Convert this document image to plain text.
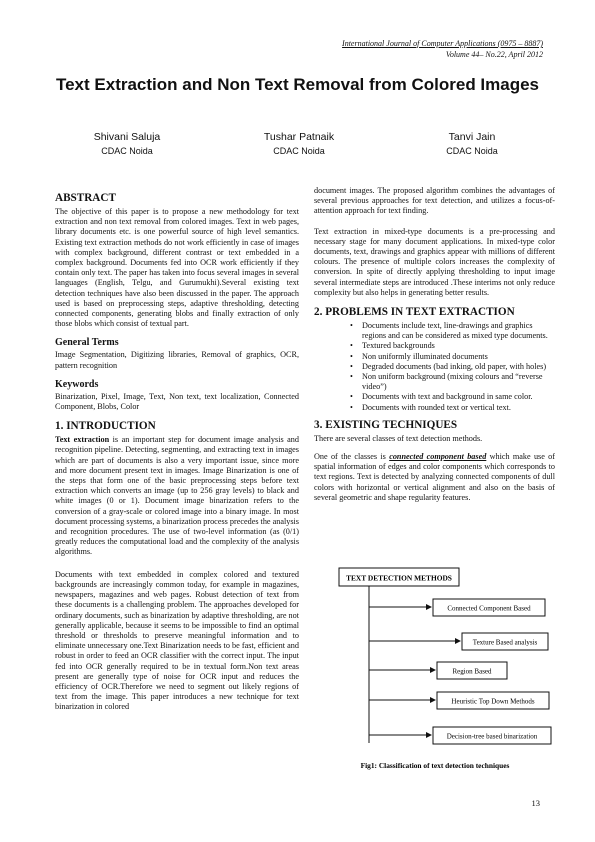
International Journal of Computer Applications (0975 – 8887)
Volume 44– No.22, April 2012
Text Extraction and Non Text Removal from Colored Images
Shivani Saluja
CDAC Noida
Tushar Patnaik
CDAC Noida
Tanvi Jain
CDAC Noida
ABSTRACT

The objective of this paper is to propose a new methodology for text extraction and non text removal from colored images. Text in web pages, library documents etc. is one powerful source of high level semantics. Existing text extraction methods do not work efficiently in case of images with complex background, different contrast or text embedded in a complex background. Documents fed into OCR work efficiently if they contain only text. The paper has taken into focus several images in several languages (English, Telgu, and Gurumukhi).Several existing text detection techniques have also been discussed in the paper. The approach used is based on preprocessing steps, adaptive thresholding, detecting connected components, generating blobs and finally extraction of only those blobs which consist of textual part.

General Terms

Image Segmentation, Digitizing libraries, Removal of graphics, OCR, pattern recognition

Keywords

Binarization, Pixel, Image, Text, Non text, text localization, Connected Component, Blobs, Color

1. INTRODUCTION

Text extraction is an important step for document image analysis and recognition pipeline. Detecting, segmenting, and extracting text in images which are part of documents is also a very important issue, since more and more document present text in images. Image Binarization is one of the steps that form one of the basic preprocessing steps before text extraction which converts an image (up to 256 gray levels) to black and white images (0 or 1). Document image binarization refers to the conversion of a gray-scale or colored image into a binary image. In most document processing systems, a binarization process precedes the analysis and recognition procedures. The use of two-level information (as (0/1) greatly reduces the computational load and the complexity of the analysis algorithms.

Documents with text embedded in complex colored and textured backgrounds are increasingly common today, for example in magazines, newspapers, magazines and web pages. Robust detection of text from these documents is a challenging problem. The approaches developed for ordinary documents, such as binarization by adaptive thresholding, are not generally applicable, because it seems to be impossible to find an optimal threshold or thresholds to preserve meaningful information and to eliminate unnecessary one.Text Binarization needs to be fast, efficient and robust in order to feed an OCR classifier with the correct input. The input fed into OCR generally required to be in textual form.Non text areas present are generally type of noise for OCR input and reduces the efficiency of OCR.Therefore we need to segment out likely regions of text from the image. This paper introduces a new technique for text binarization in colored

document images. The proposed algorithm combines the advantages of several previous approaches for text detection, and utilizes a focus-of-attention approach for text finding.

Text extraction in mixed-type documents is a pre-processing and necessary stage for many document applications. In mixed-type color documents, text, drawings and graphics appear with millions of different colours. The presence of multiple colors increases the complexity of conversion. In spite of directly applying thresholding to input image several intermediate steps are introduced .These interims not only reduce complexity but also helps in generating better results.

2. PROBLEMS IN TEXT EXTRACTION
• Documents include text, line-drawings and graphics regions and can be considered as mixed type documents.
• Textured backgrounds
• Non uniformly illuminated documents
• Degraded documents (bad inking, old paper, with holes)
• Non uniform background (mixing colours and “reverse video”)
• Documents with text and background in same color.
• Documents with rounded text or vertical text.
3. EXISTING TECHNIQUES

There are several classes of text detection methods.

One of the classes is connected component based which make use of spatial information of edges and color components which corresponds to text regions. Text is detected by analyzing connected components of dull colors with horizontal or vertical alignment and also on the basis of several geometric and shape regularity features.

TEXT DETECTION METHODS
Connected Component Based
Texture Based analysis
Region Based
Heuristic Top Down Methods
Decision-tree based binarization
Fig1: Classification of text detection techniques
13
